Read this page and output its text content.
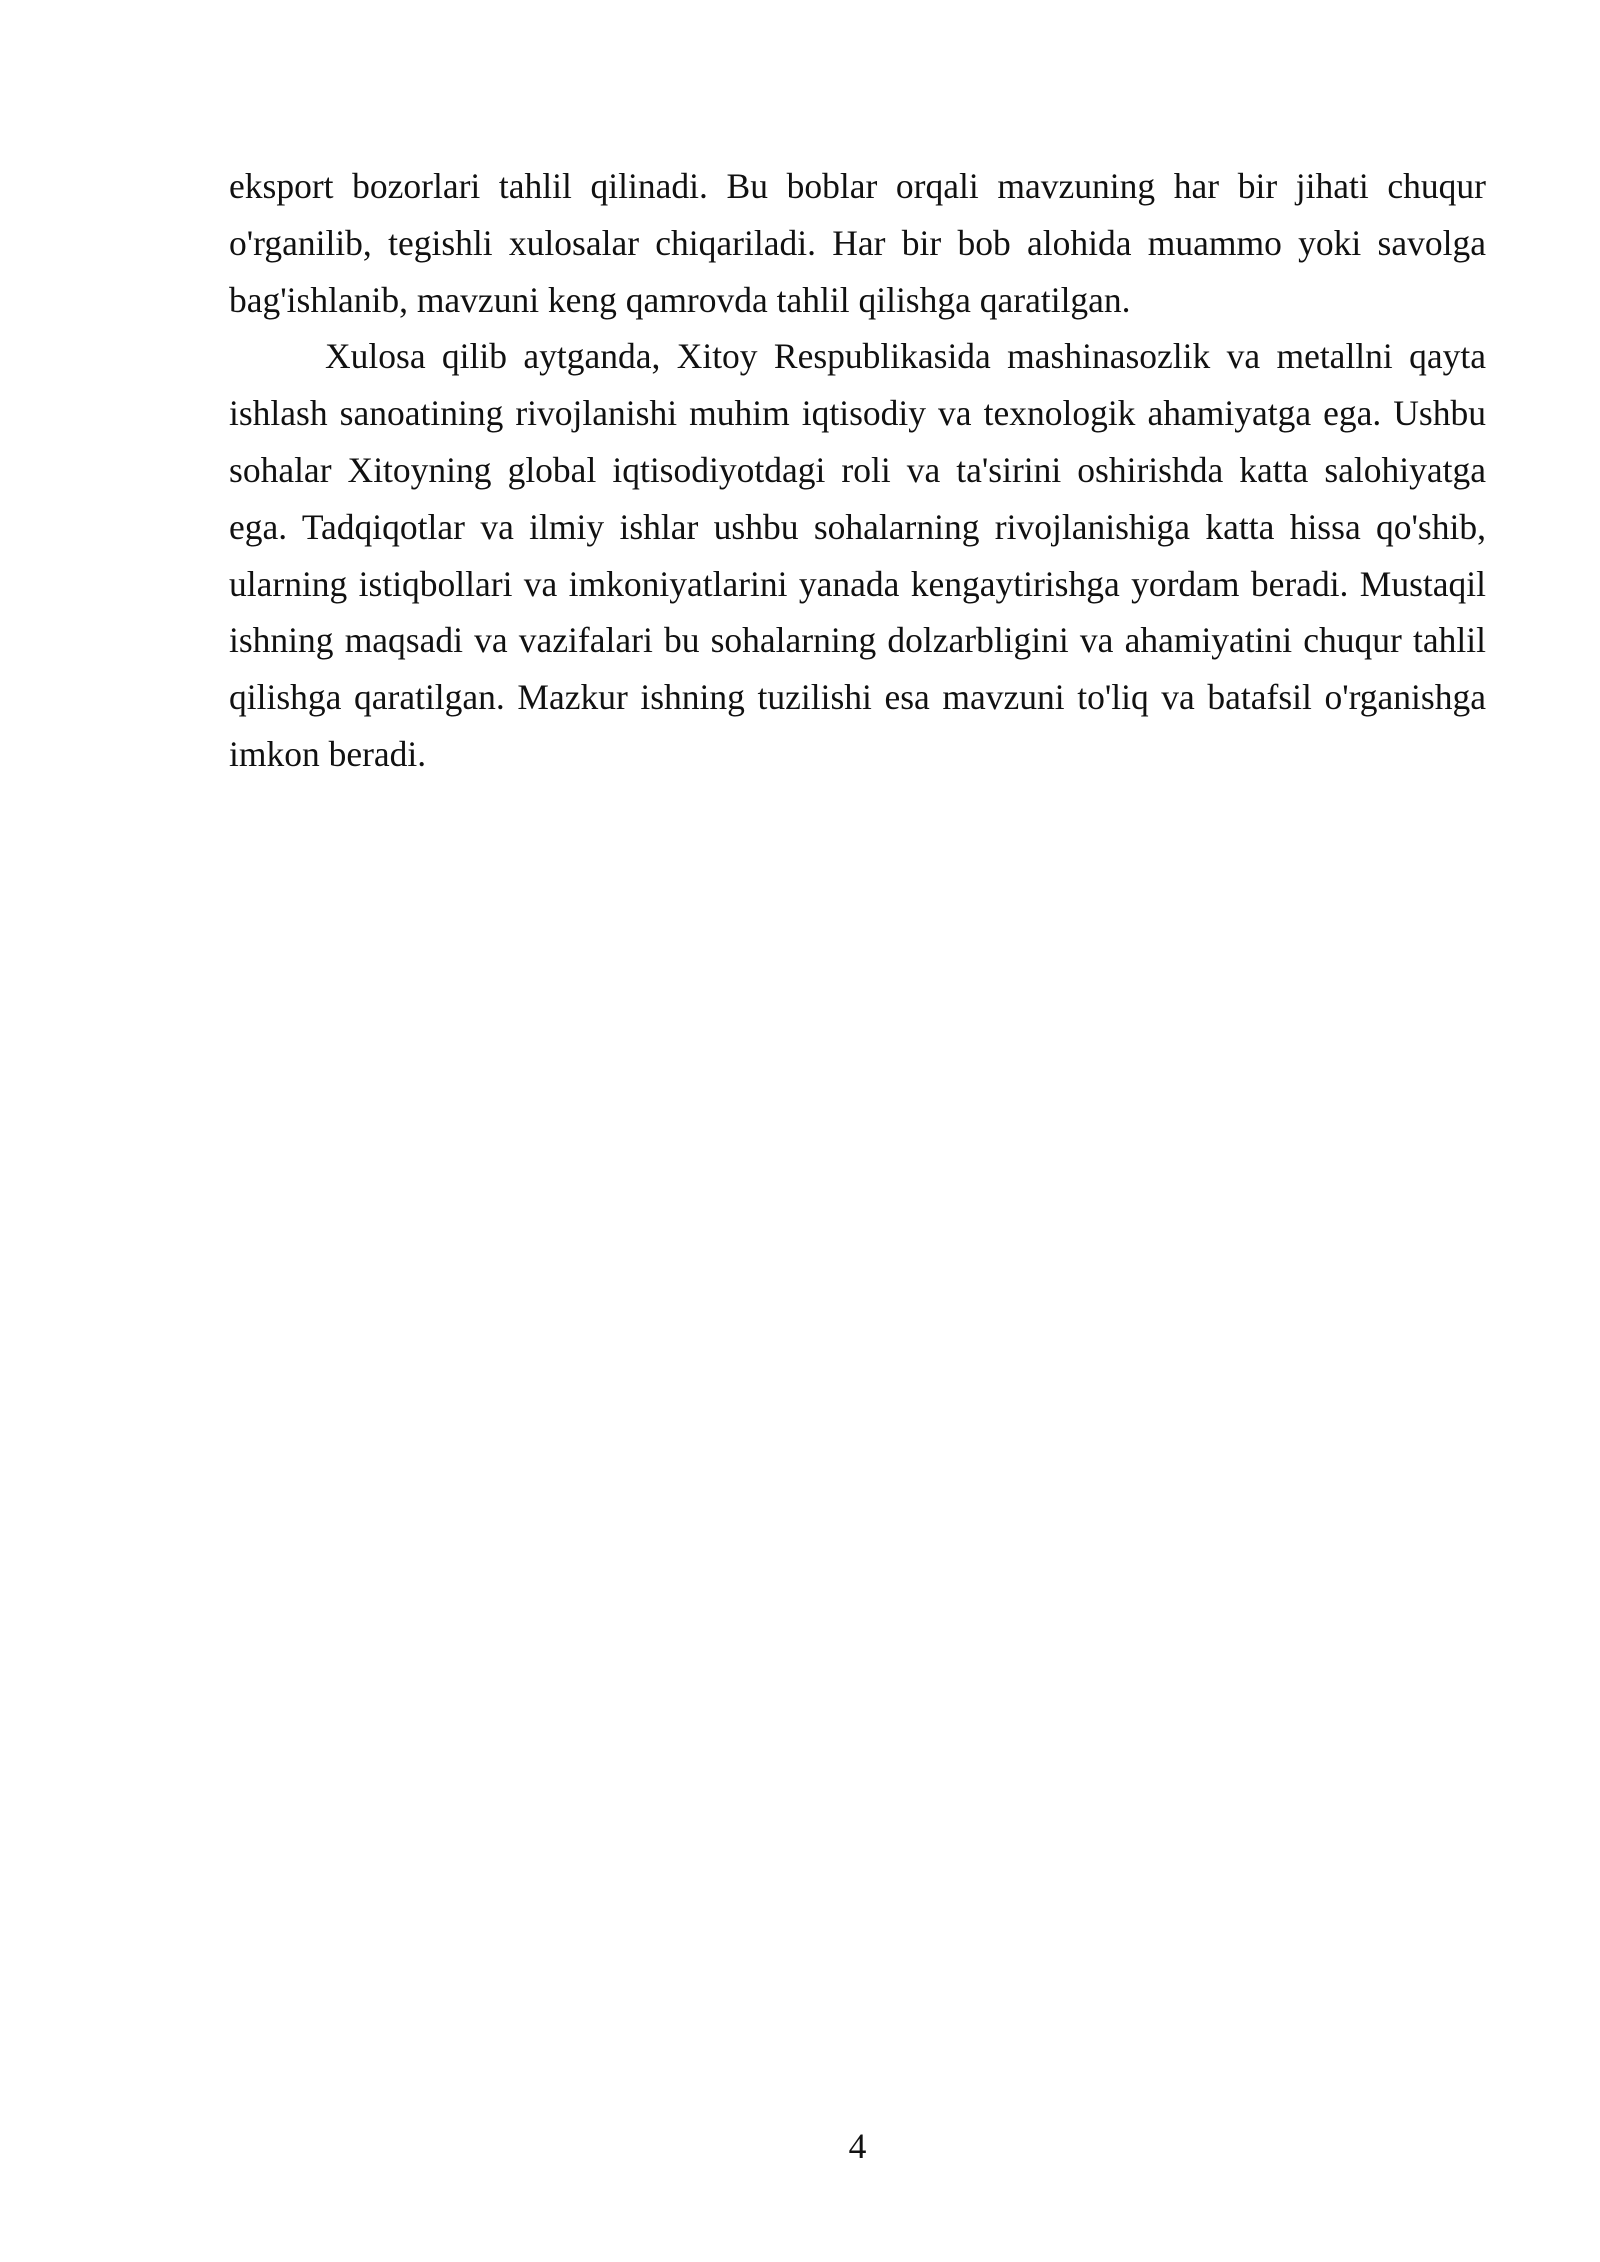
eksport bozorlari tahlil qilinadi. Bu boblar orqali mavzuning har bir jihati chuqur o'rganilib, tegishli xulosalar chiqariladi. Har bir bob alohida muammo yoki savolga bag'ishlanib, mavzuni keng qamrovda tahlil qilishga qaratilgan.

Xulosa qilib aytganda, Xitoy Respublikasida mashinasozlik va metallni qayta ishlash sanoatining rivojlanishi muhim iqtisodiy va texnologik ahamiyatga ega. Ushbu sohalar Xitoyning global iqtisodiyotdagi roli va ta'sirini oshirishda katta salohiyatga ega. Tadqiqotlar va ilmiy ishlar ushbu sohalarning rivojlanishiga katta hissa qo'shib, ularning istiqbollari va imkoniyatlarini yanada kengaytirishga yordam beradi. Mustaqil ishning maqsadi va vazifalari bu sohalarning dolzarbligini va ahamiyatini chuqur tahlil qilishga qaratilgan. Mazkur ishning tuzilishi esa mavzuni to'liq va batafsil o'rganishga imkon beradi.

4
